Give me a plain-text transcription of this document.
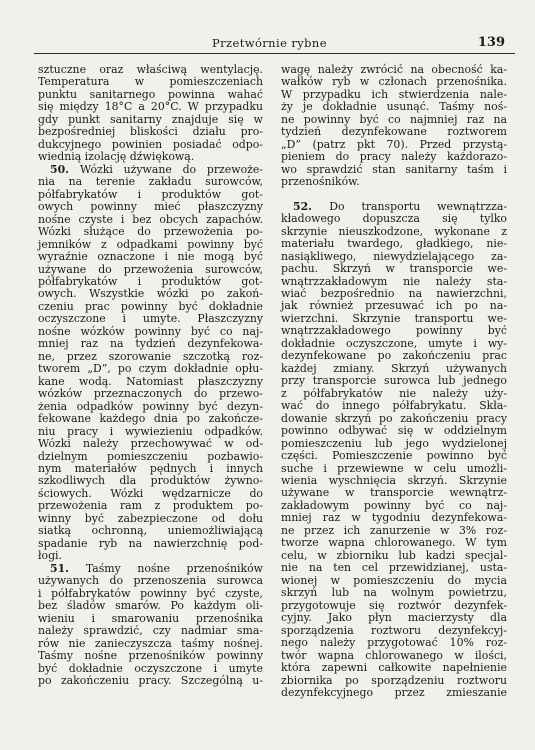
Przetwórnie rybne	139
sztuczne oraz właściwą wentylację.
Temperatura w pomieszczeniach
punktu sanitarnego powinna wahać
się między 18°C a 20°C. W przypadku
gdy punkt sanitarny znajduje się w
bezpośredniej bliskości działu pro-
dukcyjnego powinien posiadać odpo-
wiednią izolację dźwiękową.
50. Wózki używane do przewoże-
nia na terenie zakładu surowców,
półfabrykatów i produktów got-
owych powinny mieć płaszczyzny
nośne czyste i bez obcych zapachów.
Wózki służące do przewożenia po-
jemników z odpadkami powinny być
wyraźnie oznaczone i nie mogą być
używane do przewożenia surowców,
półfabrykatów i produktów got-
owych. Wszystkie wózki po zakoń-
czeniu prac powinny być dokładnie
oczyszczone i umyte. Płaszczyzny
nośne wózków powinny być co naj-
mniej raz na tydzień dezynfekowa-
ne, przez szorowanie szczotką roz-
tworem „D”, po czym dokładnie opłu-
kane wodą. Natomiast płaszczyzny
wózków przeznaczonych do przewo-
żenia odpadków powinny być dezyn-
fekowane każdego dnia po zakończe-
niu pracy i wywiezieniu odpadków.
Wózki należy przechowywać w od-
dzielnym pomieszczeniu pozbawio-
nym materiałów pędnych i innych
szkodliwych dla produktów żywno-
ściowych. Wózki wędzarnicze do
przewożenia ram z produktem po-
winny być zabezpieczone od dołu
siatką ochronną, uniemożliwiającą
spadanie ryb na nawierzchnię pod-
łogi.
51. Taśmy nośne przenośników
używanych do przenoszenia surowca
i półfabrykatów powinny być czyste,
bez śladów smarów. Po każdym oli-
wieniu i smarowaniu przenośnika
należy sprawdzić, czy nadmiar sma-
rów nie zanieczyszcza taśmy nośnej.
Taśmy nośne przenośników powinny
być dokładnie oczyszczone i umyte
po zakończeniu pracy. Szczególną u-
wagę należy zwrócić na obecność ka-
wałków ryb w członach przenośnika.
W przypadku ich stwierdzenia nale-
ży je dokładnie usunąć. Taśmy noś-
ne powinny być co najmniej raz na
tydzień dezynfekowane roztworem
„D” (patrz pkt 70). Przed przystą-
pieniem do pracy należy każdorazo-
wo sprawdzić stan sanitarny taśm i
przenośników.
52. Do transportu wewnątrzza-
kładowego dopuszcza się tylko
skrzynie nieuszkodzone, wykonane z
materiału twardego, gładkiego, nie-
nasiąkliwego, niewydzielającego za-
pachu. Skrzyń w transporcie we-
wnątrzzakładowym nie należy sta-
wiać bezpośrednio na nawierzchni,
jak również przesuwać ich po na-
wierzchni. Skrzynie transportu we-
wnątrzzakładowego powinny być
dokładnie oczyszczone, umyte i wy-
dezynfekowane po zakończeniu prac
każdej zmiany. Skrzyń używanych
przy transporcie surowca lub jednego
z półfabrykatów nie należy uży-
wać do innego półfabrykatu. Skła-
dowanie skrzyń po zakończeniu pracy
powinno odbywać się w oddzielnym
pomieszczeniu lub jego wydzielonej
części. Pomieszczenie powinno być
suche i przewiewne w celu umożli-
wienia wyschnięcia skrzyń. Skrzynie
używane w transporcie wewnątrz-
zakładowym powinny być co naj-
mniej raz w tygodniu dezynfekowa-
ne przez ich zanurzenie w 3% roz-
tworze wapna chlorowanego. W tym
celu, w zbiorniku lub kadzi specjal-
nie na ten cel przewidzianej, usta-
wionej w pomieszczeniu do mycia
skrzyń lub na wolnym powietrzu,
przygotowuje się roztwór dezynfek-
cyjny. Jako płyn macierzysty dla
sporządzenia roztworu dezynfekcyj-
nego należy przygotować 10% roz-
twór wapna chlorowanego w ilości,
która zapewni całkowite napełnienie
zbiornika po sporządzeniu roztworu
dezynfekcyjnego przez zmieszanie
